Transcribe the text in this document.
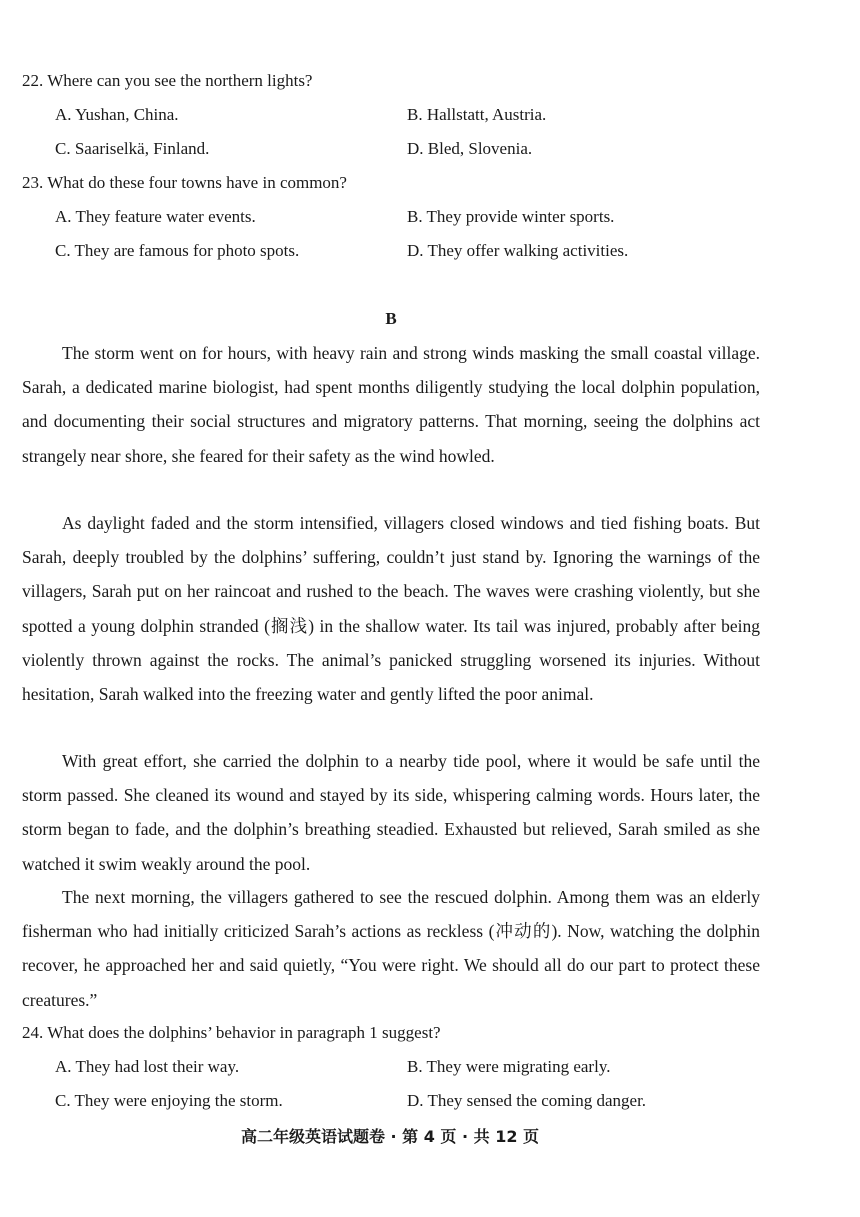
22. Where can you see the northern lights?
A. Yushan, China.	B. Hallstatt, Austria.
C. Saariselkä, Finland.	D. Bled, Slovenia.
23. What do these four towns have in common?
A. They feature water events.	B. They provide winter sports.
C. They are famous for photo spots.	D. They offer walking activities.
B

The storm went on for hours, with heavy rain and strong winds masking the small coastal village. Sarah, a dedicated marine biologist, had spent months diligently studying the local dolphin population, and documenting their social structures and migratory patterns. That morning, seeing the dolphins act strangely near shore, she feared for their safety as the wind howled.

As daylight faded and the storm intensified, villagers closed windows and tied fishing boats. But Sarah, deeply troubled by the dolphins’ suffering, couldn’t just stand by. Ignoring the warnings of the villagers, Sarah put on her raincoat and rushed to the beach. The waves were crashing violently, but she spotted a young dolphin stranded (搁浅) in the shallow water. Its tail was injured, probably after being violently thrown against the rocks. The animal’s panicked struggling worsened its injuries. Without hesitation, Sarah walked into the freezing water and gently lifted the poor animal.

With great effort, she carried the dolphin to a nearby tide pool, where it would be safe until the storm passed. She cleaned its wound and stayed by its side, whispering calming words. Hours later, the storm began to fade, and the dolphin’s breathing steadied. Exhausted but relieved, Sarah smiled as she watched it swim weakly around the pool.

The next morning, the villagers gathered to see the rescued dolphin. Among them was an elderly fisherman who had initially criticized Sarah’s actions as reckless (冲动的). Now, watching the dolphin recover, he approached her and said quietly, “You were right. We should all do our part to protect these creatures.”

24. What does the dolphins’ behavior in paragraph 1 suggest?
A. They had lost their way.	B. They were migrating early.
C. They were enjoying the storm.	D. They sensed the coming danger.
高二年级英语试题卷 · 第 4 页 · 共 12 页
